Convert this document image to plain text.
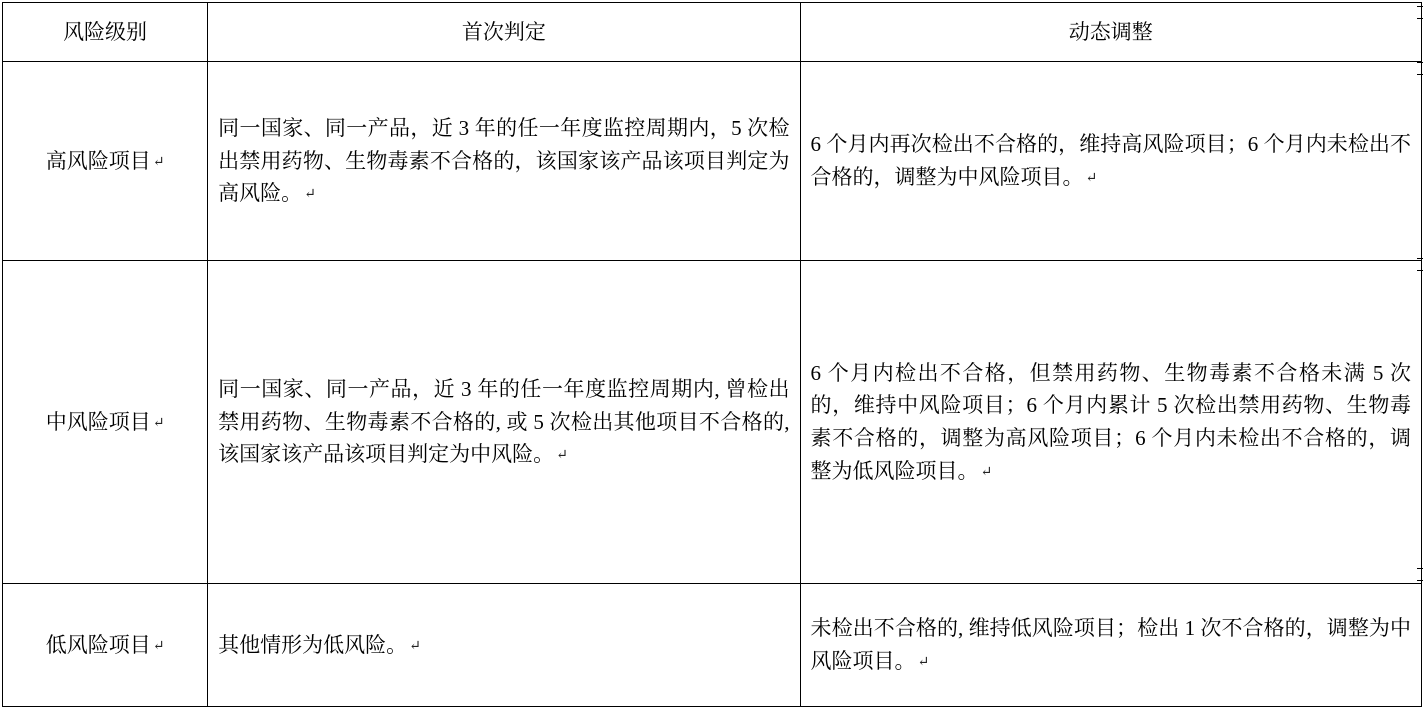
风险级别	首次判定	动态调整
高风险项目 ↵	同一国家、同一产品，近 3 年的任一年度监控周期内，5 次检出禁用药物、生物毒素不合格的，该国家该产品该项目判定为高风险。 ↵	6 个月内再次检出不合格的，维持高风险项目；6 个月内未检出不合格的，调整为中风险项目。 ↵

中风险项目 ↵	同一国家、同一产品，近 3 年的任一年度监控周期内, 曾检出禁用药物、生物毒素不合格的, 或 5 次检出其他项目不合格的, 该国家该产品该项目判定为中风险。 ↵	6 个月内检出不合格，但禁用药物、生物毒素不合格未满 5 次的，维持中风险项目；6 个月内累计 5 次检出禁用药物、生物毒素不合格的，调整为高风险项目；6 个月内未检出不合格的，调整为低风险项目。 ↵

低风险项目 ↵	其他情形为低风险。 ↵	未检出不合格的, 维持低风险项目；检出 1 次不合格的，调整为中风险项目。 ↵
